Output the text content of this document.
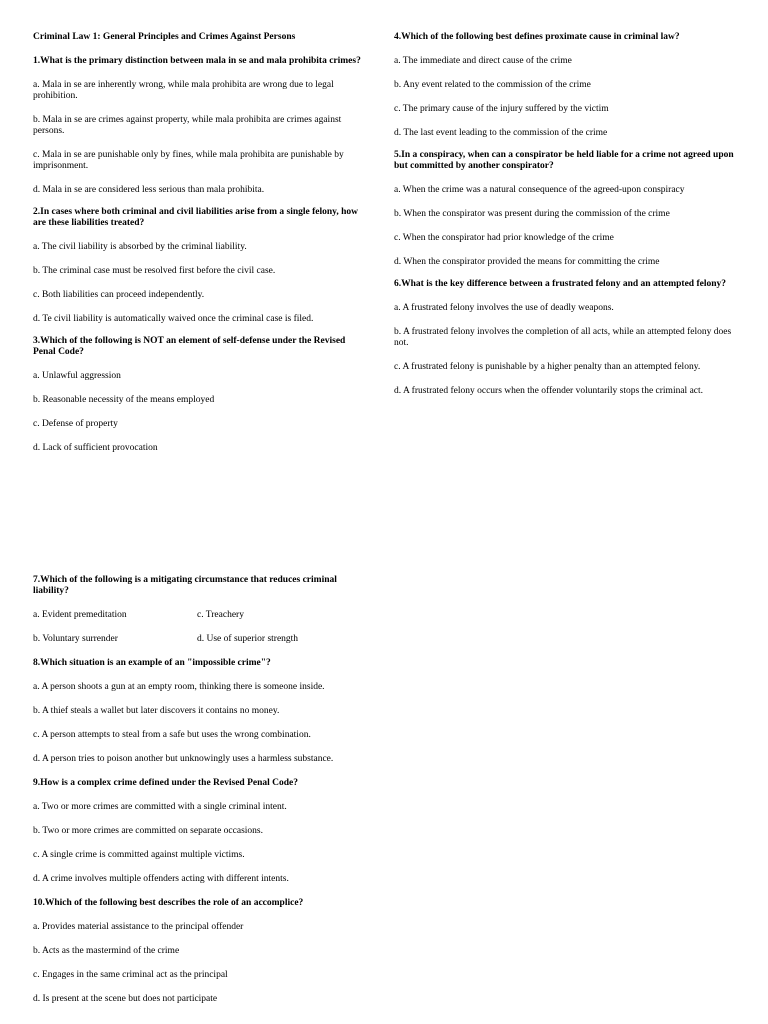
Criminal Law 1: General Principles and Crimes Against Persons
1.What is the primary distinction between mala in se and mala prohibita crimes?
a. Mala in se are inherently wrong, while mala prohibita are wrong due to legal prohibition.
b. Mala in se are crimes against property, while mala prohibita are crimes against persons.
c. Mala in se are punishable only by fines, while mala prohibita are punishable by imprisonment.
d. Mala in se are considered less serious than mala prohibita.
2.In cases where both criminal and civil liabilities arise from a single felony, how are these liabilities treated?
a. The civil liability is absorbed by the criminal liability.
b. The criminal case must be resolved first before the civil case.
c. Both liabilities can proceed independently.
d. Te civil liability is automatically waived once the criminal case is filed.
3.Which of the following is NOT an element of self-defense under the Revised Penal Code?
a. Unlawful aggression
b. Reasonable necessity of the means employed
c. Defense of property
d. Lack of sufficient provocation
4.Which of the following best defines proximate cause in criminal law?
a. The immediate and direct cause of the crime
b. Any event related to the commission of the crime
c. The primary cause of the injury suffered by the victim
d. The last event leading to the commission of the crime
5.In a conspiracy, when can a conspirator be held liable for a crime not agreed upon but committed by another conspirator?
a. When the crime was a natural consequence of the agreed-upon conspiracy
b. When the conspirator was present during the commission of the crime
c. When the conspirator had prior knowledge of the crime
d. When the conspirator provided the means for committing the crime
6.What is the key difference between a frustrated felony and an attempted felony?
a. A frustrated felony involves the use of deadly weapons.
b. A frustrated felony involves the completion of all acts, while an attempted felony does not.
c. A frustrated felony is punishable by a higher penalty than an attempted felony.
d. A frustrated felony occurs when the offender voluntarily stops the criminal act.
7.Which of the following is a mitigating circumstance that reduces criminal liability?
a. Evident premeditation	c. Treachery
b. Voluntary surrender	d. Use of superior strength
8.Which situation is an example of an "impossible crime"?
a. A person shoots a gun at an empty room, thinking there is someone inside.
b. A thief steals a wallet but later discovers it contains no money.
c. A person attempts to steal from a safe but uses the wrong combination.
d. A person tries to poison another but unknowingly uses a harmless substance.
9.How is a complex crime defined under the Revised Penal Code?
a. Two or more crimes are committed with a single criminal intent.
b. Two or more crimes are committed on separate occasions.
c. A single crime is committed against multiple victims.
d. A crime involves multiple offenders acting with different intents.
10.Which of the following best describes the role of an accomplice?
a. Provides material assistance to the principal offender
b. Acts as the mastermind of the crime
c. Engages in the same criminal act as the principal
d. Is present at the scene but does not participate
